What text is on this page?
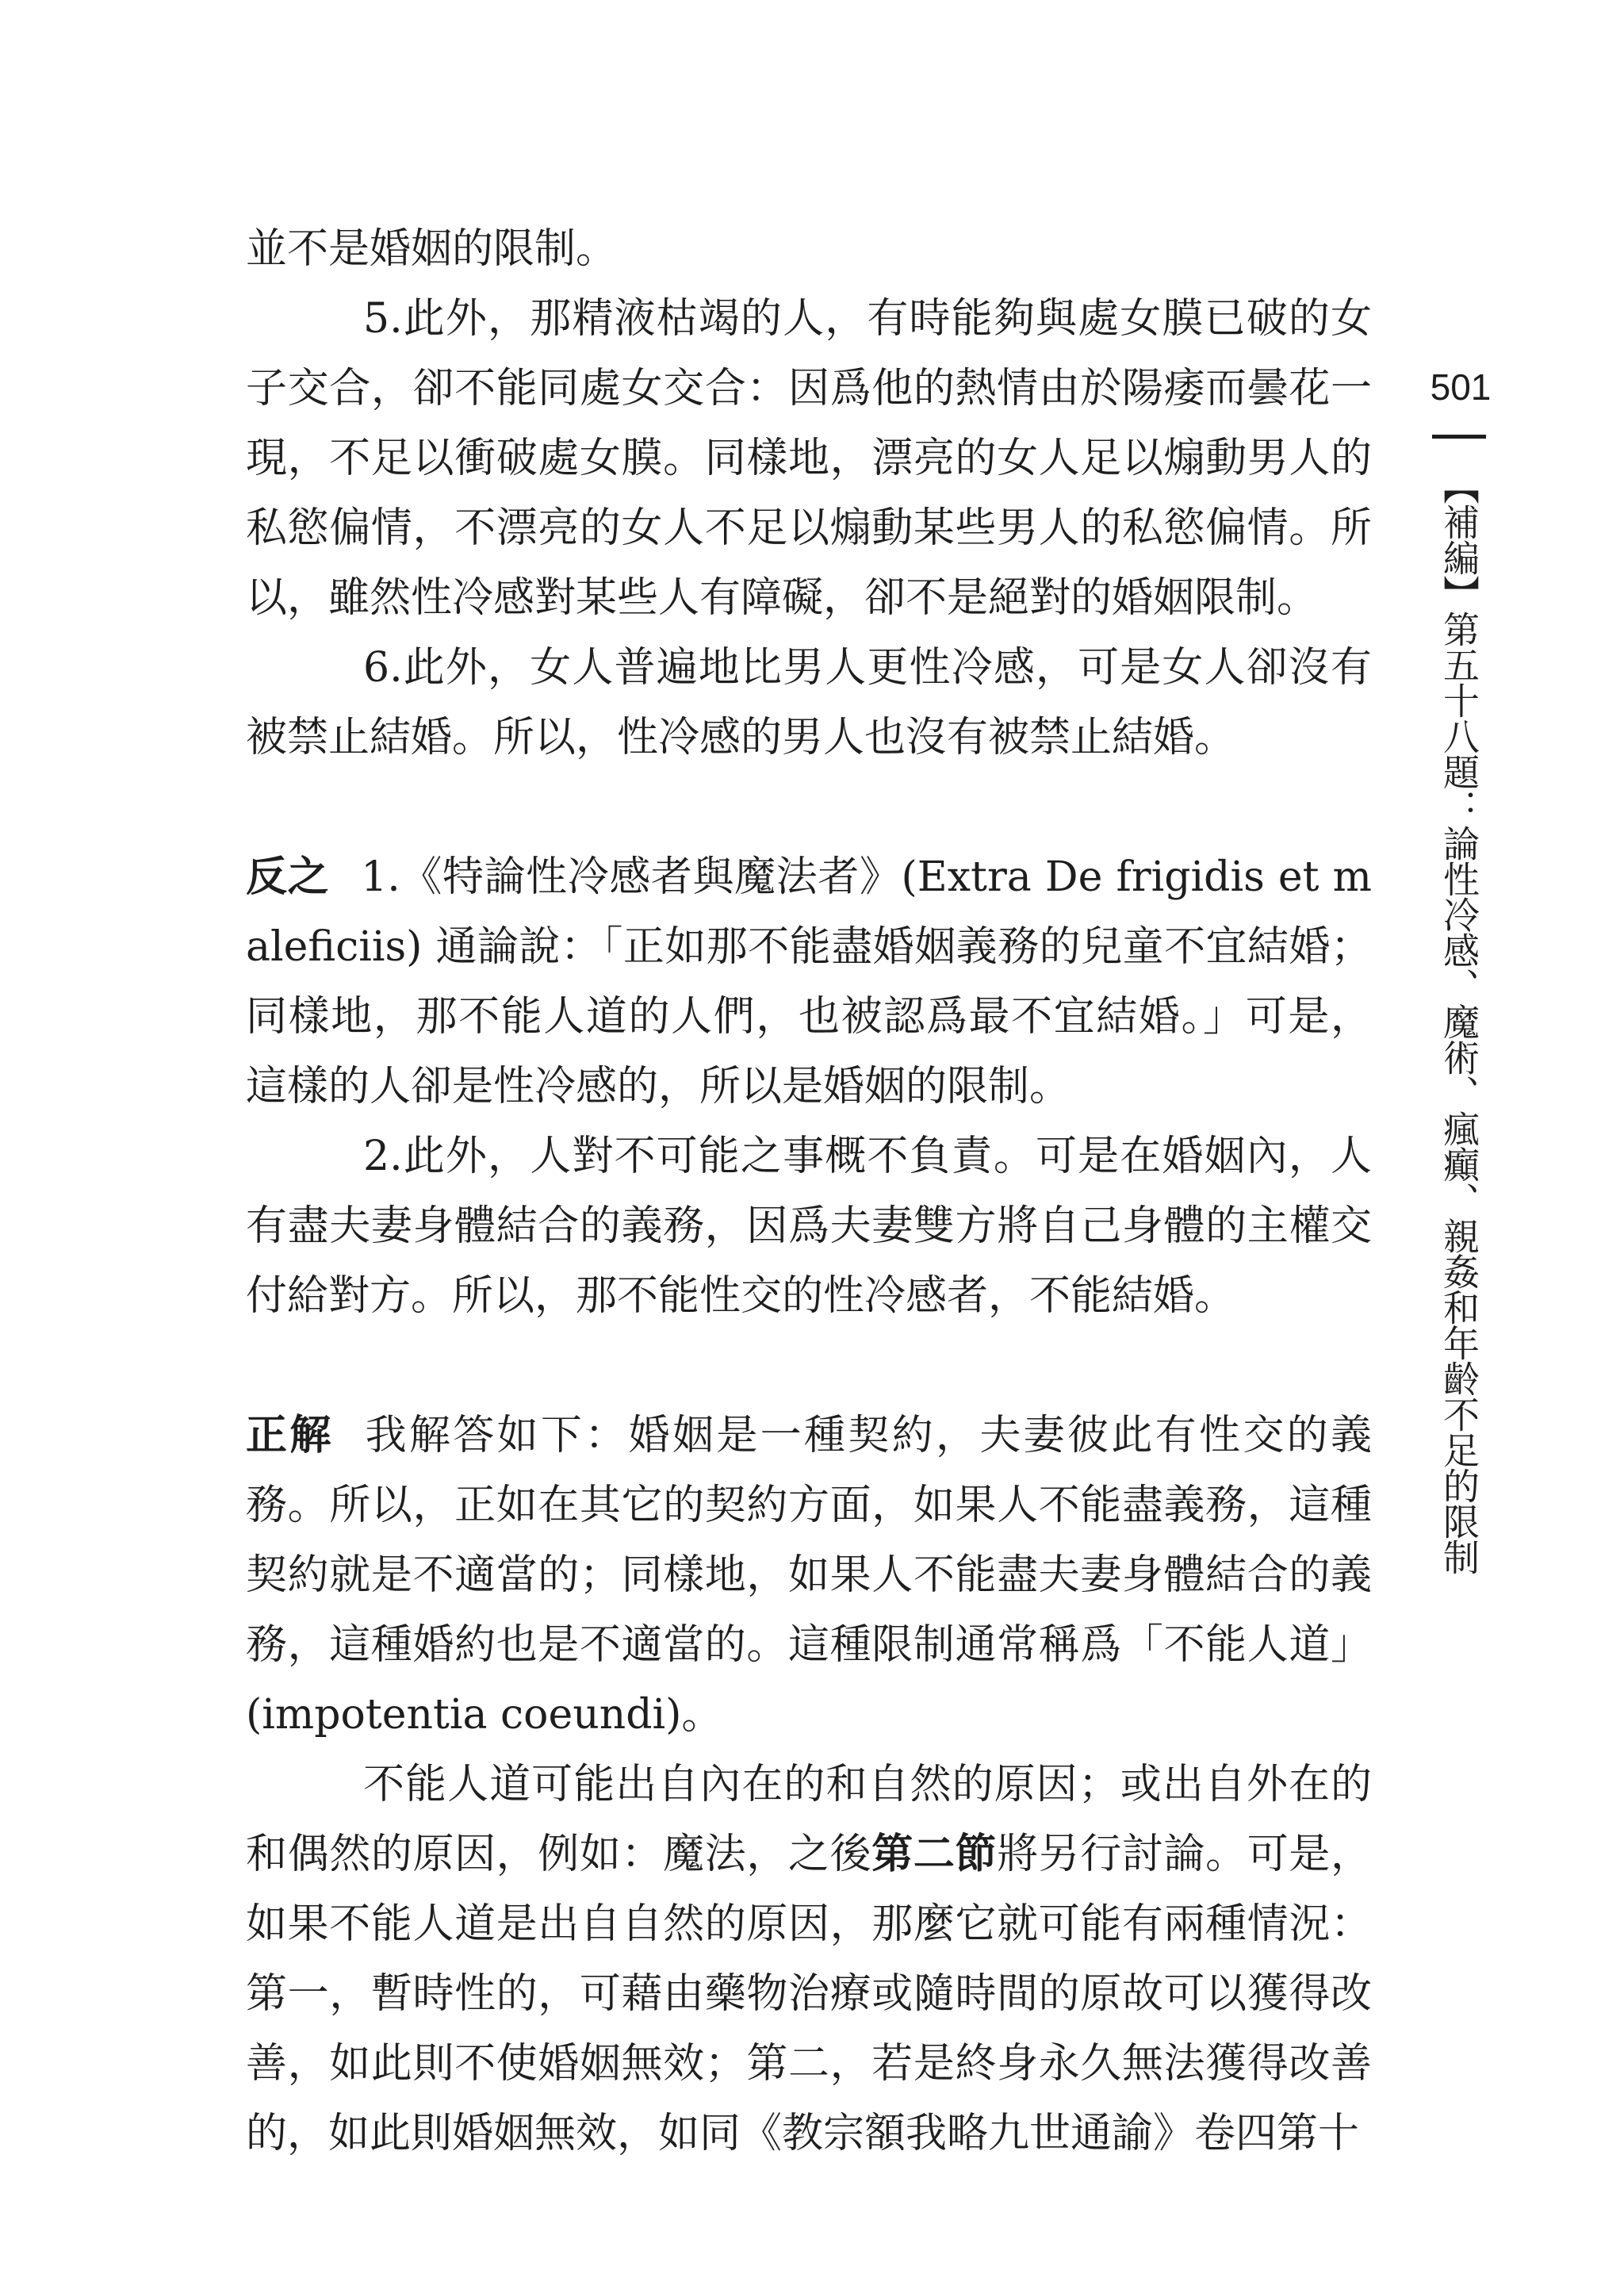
501
【補編】第五十八題：論性冷感、魔術、瘋癲、親姦和年齡不足的限制

並不是婚姻的限制。

5.此外，那精液枯竭的人，有時能夠與處女膜已破的女子交合，卻不能同處女交合：因爲他的熱情由於陽痿而曇花一現，不足以衝破處女膜。同樣地，漂亮的女人足以煽動男人的私慾偏情，不漂亮的女人不足以煽動某些男人的私慾偏情。所以，雖然性冷感對某些人有障礙，卻不是絕對的婚姻限制。

6.此外，女人普遍地比男人更性冷感，可是女人卻沒有被禁止結婚。所以，性冷感的男人也沒有被禁止結婚。

反之 1.《特論性冷感者與魔法者》(Extra De frigidis et maleficiis) 通論說：「正如那不能盡婚姻義務的兒童不宜結婚；同樣地，那不能人道的人們，也被認爲最不宜結婚。」可是，這樣的人卻是性冷感的，所以是婚姻的限制。

2.此外，人對不可能之事概不負責。可是在婚姻內，人有盡夫妻身體結合的義務，因爲夫妻雙方將自己身體的主權交付給對方。所以，那不能性交的性冷感者，不能結婚。

正解 我解答如下：婚姻是一種契約，夫妻彼此有性交的義務。所以，正如在其它的契約方面，如果人不能盡義務，這種契約就是不適當的；同樣地，如果人不能盡夫妻身體結合的義務，這種婚約也是不適當的。這種限制通常稱爲「不能人道」(impotentia coeundi)。

不能人道可能出自內在的和自然的原因；或出自外在的和偶然的原因，例如：魔法，之後第二節將另行討論。可是，如果不能人道是出自自然的原因，那麼它就可能有兩種情況：第一，暫時性的，可藉由藥物治療或隨時間的原故可以獲得改善，如此則不使婚姻無效；第二，若是終身永久無法獲得改善的，如此則婚姻無效，如同《教宗額我略九世通諭》卷四第十
